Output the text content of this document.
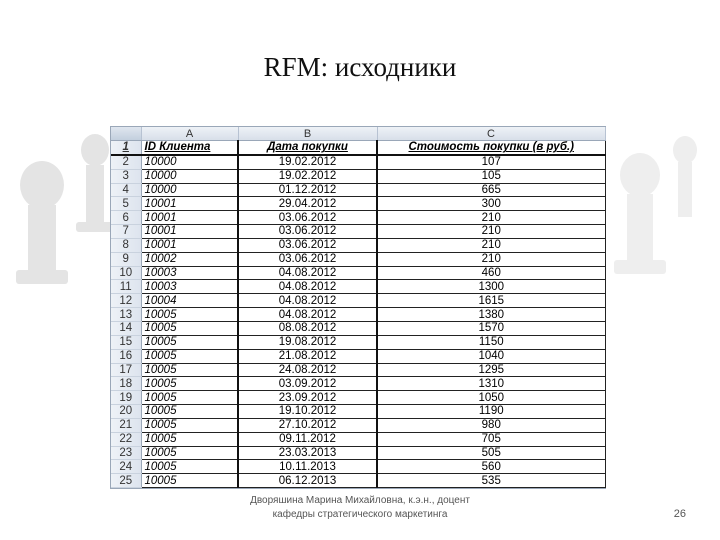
RFM: исходники
	A	B	C
1	ID Клиента	Дата покупки	Стоимость покупки (в руб.)
2	10000	19.02.2012	107
3	10000	19.02.2012	105
4	10000	01.12.2012	665
5	10001	29.04.2012	300
6	10001	03.06.2012	210
7	10001	03.06.2012	210
8	10001	03.06.2012	210
9	10002	03.06.2012	210
10	10003	04.08.2012	460
11	10003	04.08.2012	1300
12	10004	04.08.2012	1615
13	10005	04.08.2012	1380
14	10005	08.08.2012	1570
15	10005	19.08.2012	1150
16	10005	21.08.2012	1040
17	10005	24.08.2012	1295
18	10005	03.09.2012	1310
19	10005	23.09.2012	1050
20	10005	19.10.2012	1190
21	10005	27.10.2012	980
22	10005	09.11.2012	705
23	10005	23.03.2013	505
24	10005	10.11.2013	560
25	10005	06.12.2013	535
Дворяшина Марина Михайловна, к.э.н., доцент кафедры стратегического маркетинга	26
